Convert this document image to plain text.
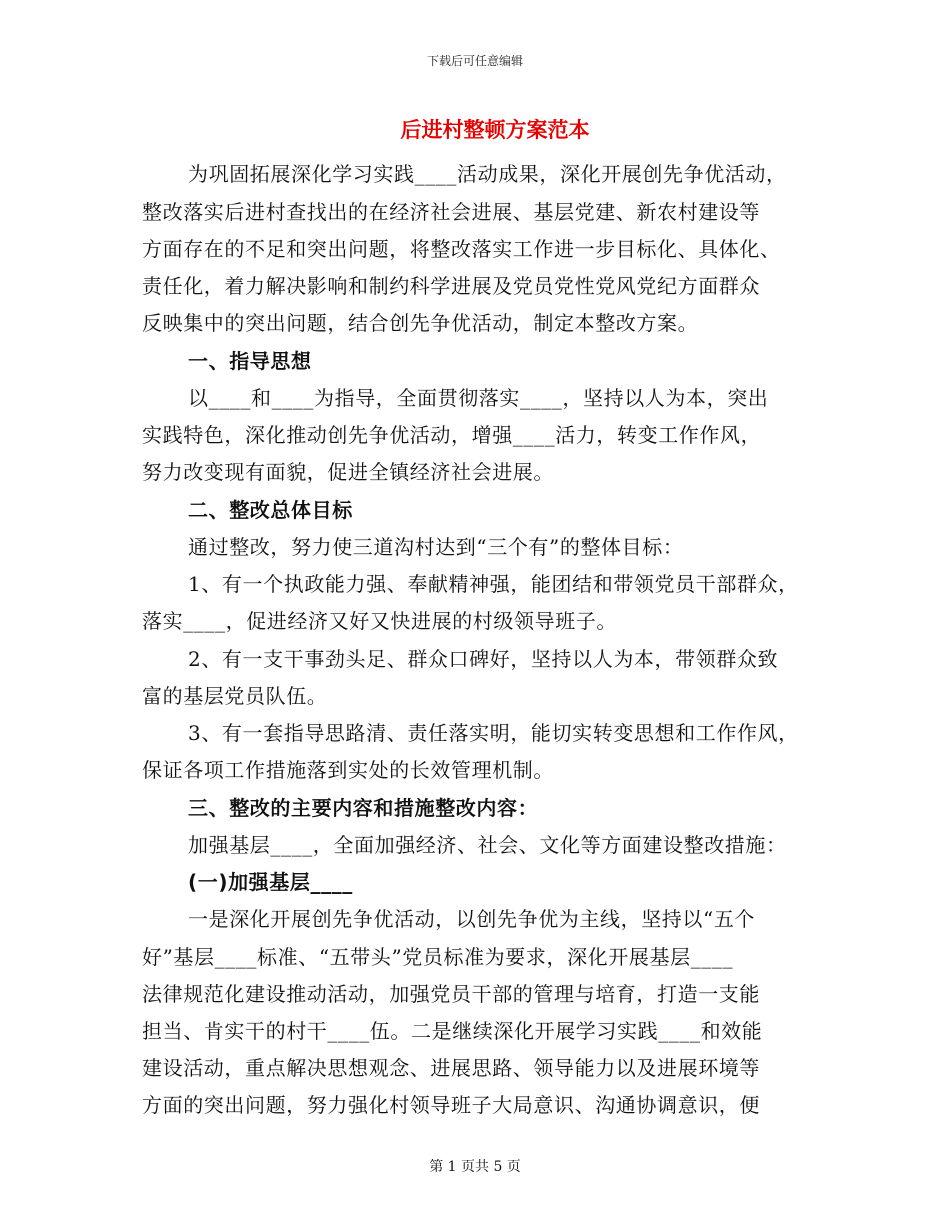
下载后可任意编辑
后进村整顿方案范本
为巩固拓展深化学习实践____活动成果，深化开展创先争优活动，
整改落实后进村查找出的在经济社会进展、基层党建、新农村建设等
方面存在的不足和突出问题，将整改落实工作进一步目标化、具体化、
责任化，着力解决影响和制约科学进展及党员党性党风党纪方面群众
反映集中的突出问题，结合创先争优活动，制定本整改方案。
一、指导思想
以____和____为指导，全面贯彻落实____，坚持以人为本，突出
实践特色，深化推动创先争优活动，增强____活力，转变工作作风，
努力改变现有面貌，促进全镇经济社会进展。
二、整改总体目标
通过整改，努力使三道沟村达到“三个有”的整体目标：
1、有一个执政能力强、奉献精神强，能团结和带领党员干部群众，
落实____，促进经济又好又快进展的村级领导班子。
2、有一支干事劲头足、群众口碑好，坚持以人为本，带领群众致
富的基层党员队伍。
3、有一套指导思路清、责任落实明，能切实转变思想和工作作风，
保证各项工作措施落到实处的长效管理机制。
三、整改的主要内容和措施整改内容：
加强基层____，全面加强经济、社会、文化等方面建设整改措施：
(一)加强基层____
一是深化开展创先争优活动，以创先争优为主线，坚持以“五个
好”基层____标准、“五带头”党员标准为要求，深化开展基层____
法律规范化建设推动活动，加强党员干部的管理与培育，打造一支能
担当、肯实干的村干____伍。二是继续深化开展学习实践____和效能
建设活动，重点解决思想观念、进展思路、领导能力以及进展环境等
方面的突出问题，努力强化村领导班子大局意识、沟通协调意识，便
第 1 页共 5 页
